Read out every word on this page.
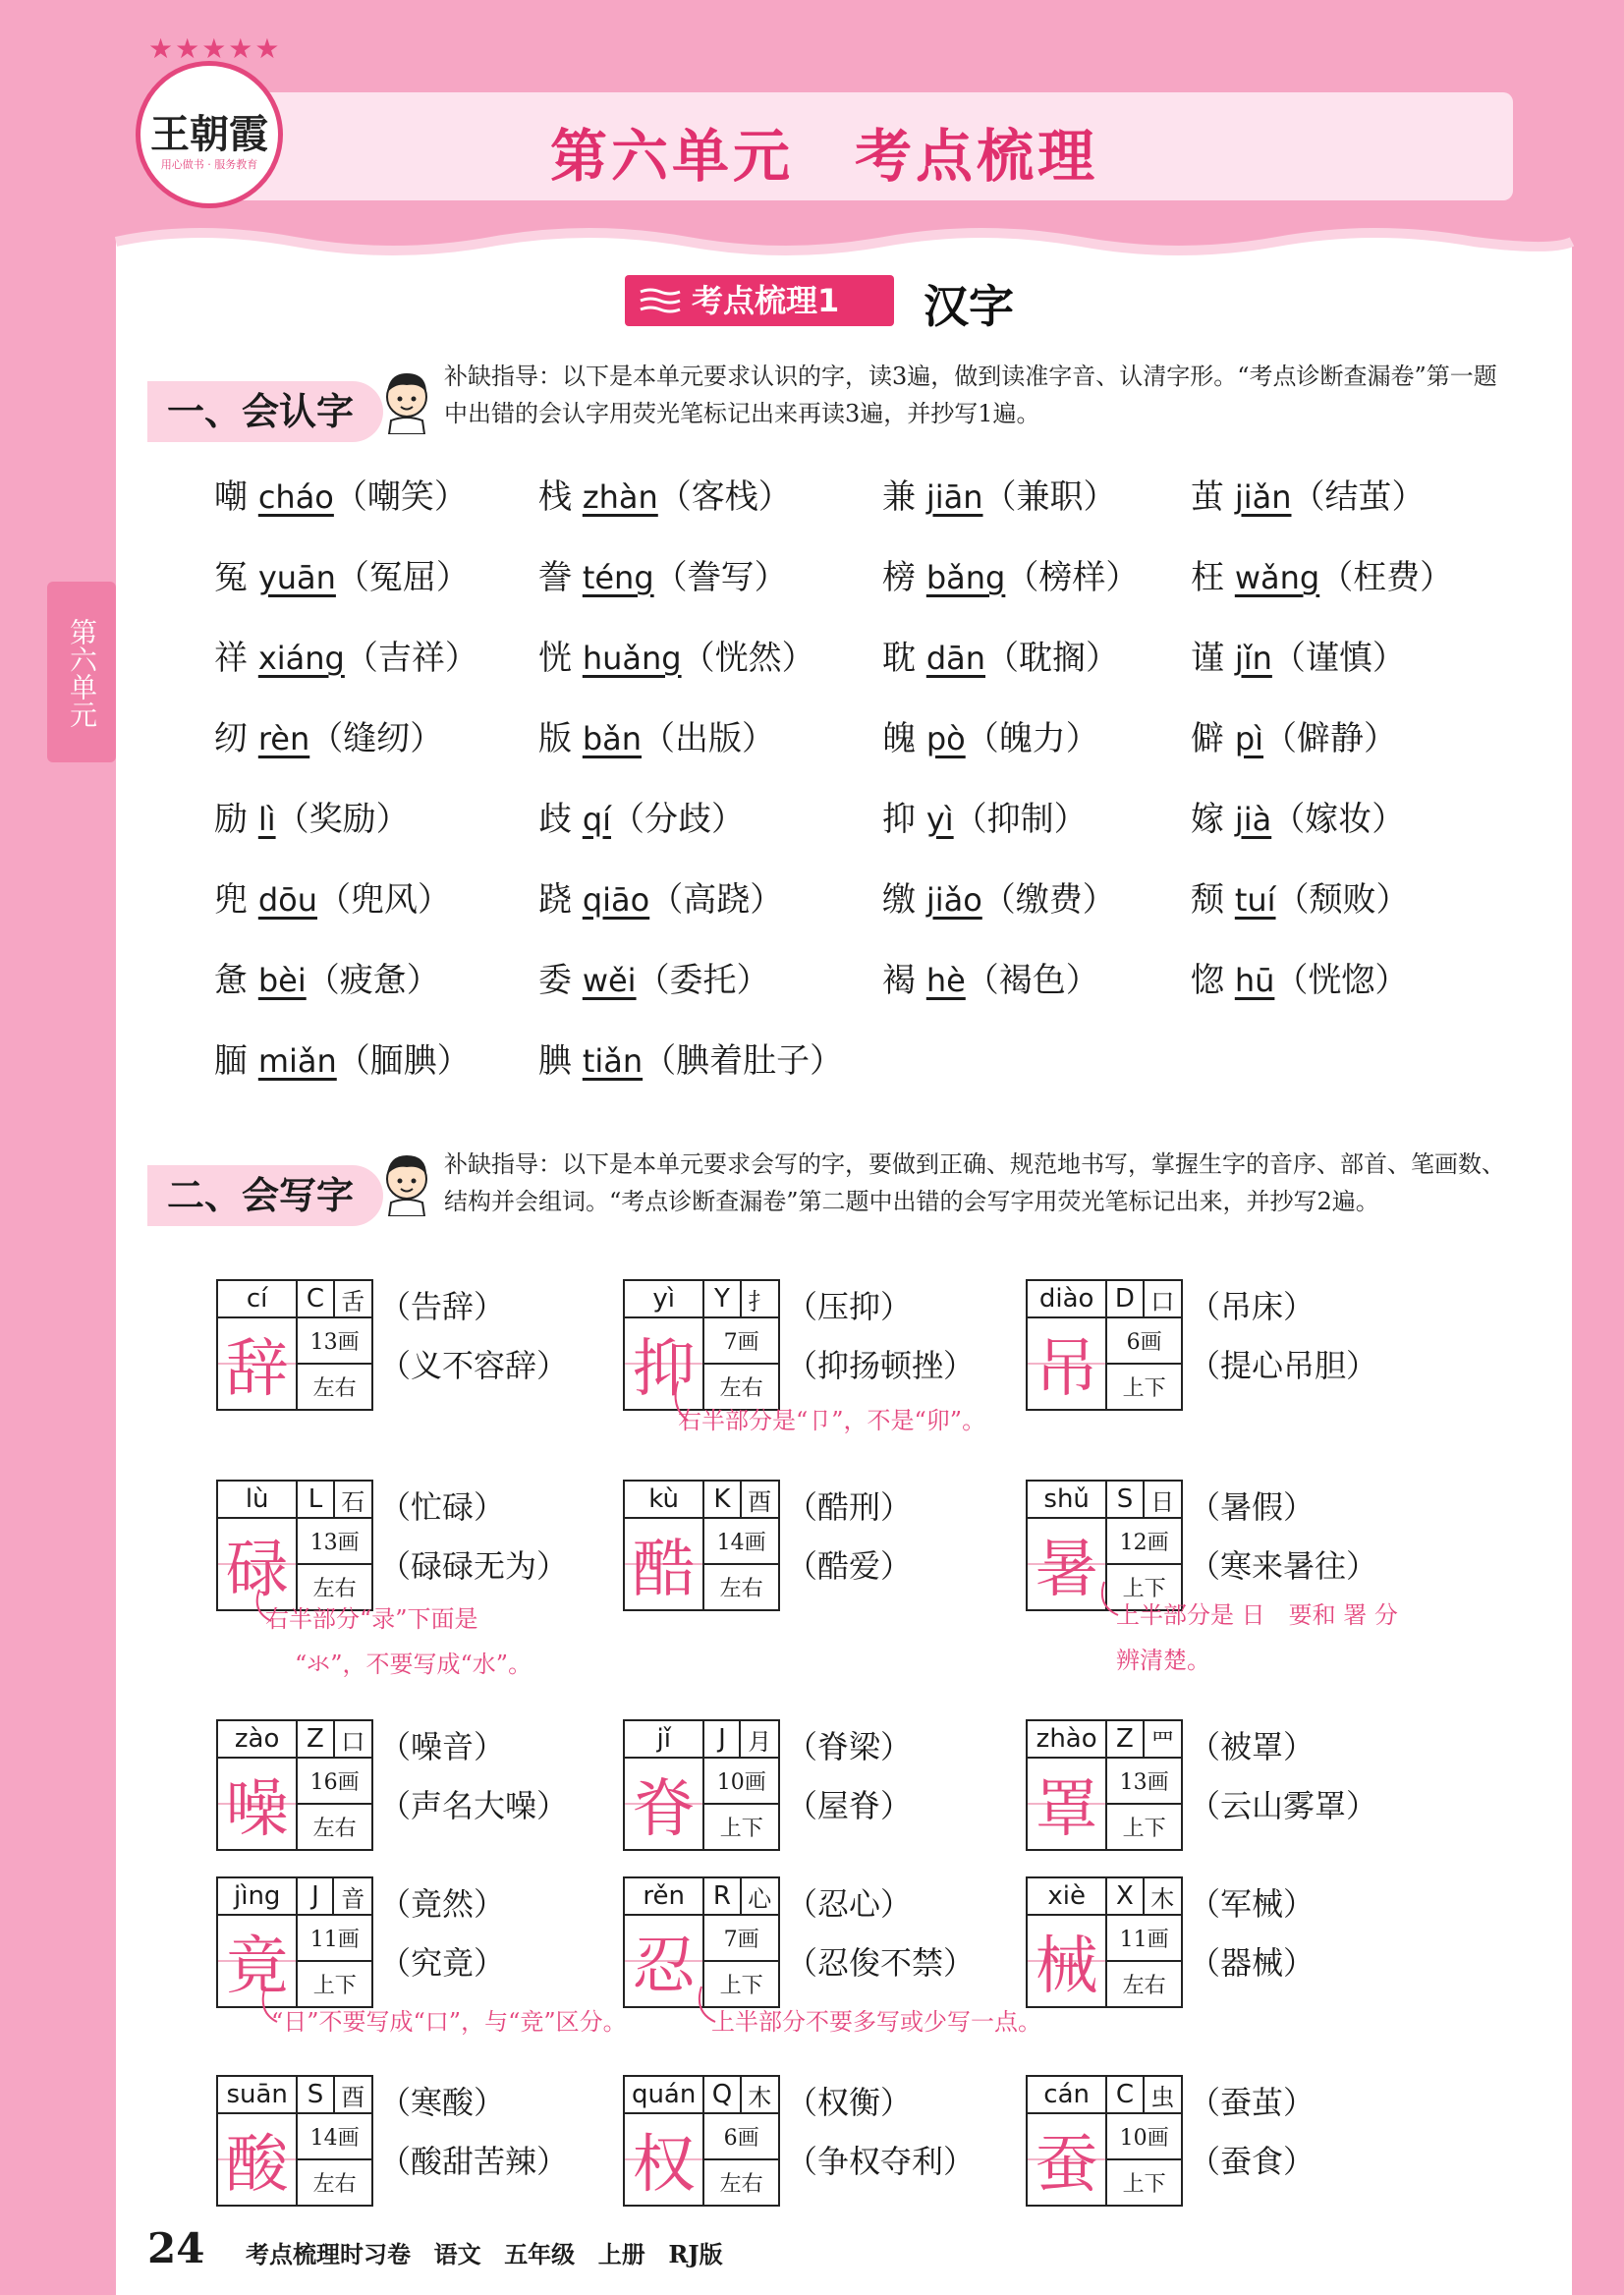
★★★★★
王朝霞
用心做书 · 服务教育	第六单元　考点梳理
第六单元
考点梳理1	汉字
一、会认字
补缺指导：以下是本单元要求认识的字，读3遍，做到读准字音、认清字形。“考点诊断查漏卷”第一题中出错的会认字用荧光笔标记出来再读3遍，并抄写1遍。
嘲 cháo（嘲笑） 栈 zhàn（客栈）	兼 jiān（兼职） 茧 jiǎn（结茧）
冤 yuān（冤屈） 誊 téng（誊写）	榜 bǎng（榜样） 枉 wǎng（枉费）
祥 xiáng（吉祥） 恍 huǎng（恍然） 耽 dān（耽搁） 谨 jǐn（谨慎）
纫 rèn（缝纫）	版 bǎn（出版）	魄 pò（魄力）	僻 pì（僻静）
励 lì（奖励）	歧 qí（分歧）	抑 yì（抑制）	嫁 jià（嫁妆）
兜 dōu（兜风）	跷 qiāo（高跷）	缴 jiǎo（缴费） 颓 tuí（颓败）
惫 bèi（疲惫）	委 wěi（委托）	褐 hè（褐色）	惚 hū（恍惚）
腼 miǎn（腼腆） 腆 tiǎn（腆着肚子）
二、会写字
补缺指导：以下是本单元要求会写的字，要做到正确、规范地书写，掌握生字的音序、部首、笔画数、结构并会组词。“考点诊断查漏卷”第二题中出错的会写字用荧光笔标记出来，并抄写2遍。
cí	C	舌
辞	13画	
	左右	
（告辞）
（义不容辞）
yì	Y	扌
抑	7画	
	左右	
（压抑）
（抑扬顿挫）
diào	D	口
吊	6画	
	上下	
（吊床）
（提心吊胆）
lù	L	石
碌	13画	
	左右	
（忙碌）
（碌碌无为）
kù	K	酉
酷	14画	
	左右	
（酷刑）
（酷爱）
shǔ	S	日
暑	12画	
	上下	
（暑假）
（寒来暑往）
zào	Z	口
噪	16画	
	左右	
（噪音）
（声名大噪）
jǐ	J	月
脊	10画	
	上下	
（脊梁）
（屋脊）
zhào	Z	罒
罩	13画	
	上下	
（被罩）
（云山雾罩）
jìng	J	音
竟	11画	
	上下	
（竟然）
（究竟）
rěn	R	心
忍	7画	
	上下	
（忍心）
（忍俊不禁）
xiè	X	木
械	11画	
	左右	
（军械）
（器械）
suān	S	酉
酸	14画	
	左右	
（寒酸）
（酸甜苦辣）
quán	Q	木
权	6画	
	左右	
（权衡）
（争权夺利）
cán	C	虫
蚕	10画	
	上下	
（蚕茧）
（蚕食）
右半部分是“卩”，不是“卯”。
右半部分“录”下面是
“氺”，不要写成“水”。
上半部分是 日　要和 署 分
辨清楚。
“日”不要写成“口”，与“竞”区分。	上半部分不要多写或少写一点。
24 考点梳理时习卷 语文 五年级 上册 RJ版
